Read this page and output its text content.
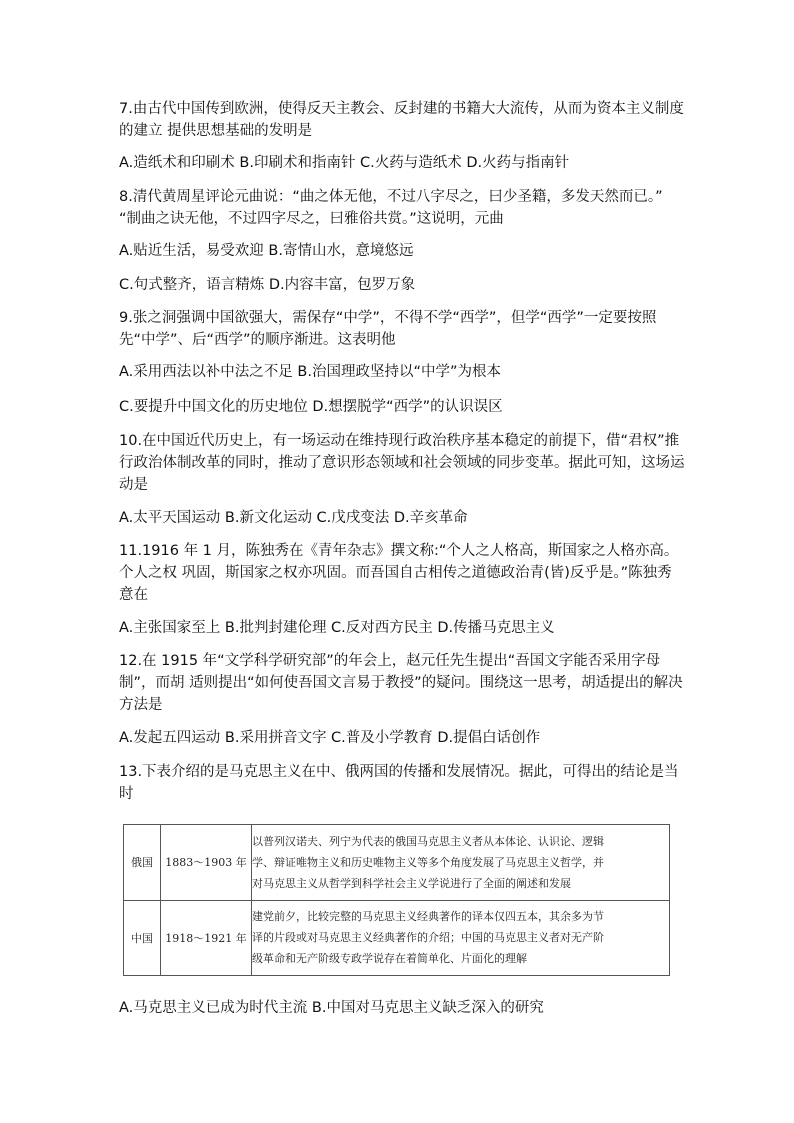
7.由古代中国传到欧洲，使得反天主教会、反封建的书籍大大流传，从而为资本主义制度的建立 提供思想基础的发明是

A.造纸术和印刷术 B.印刷术和指南针 C.火药与造纸术 D.火药与指南针

8.清代黄周星评论元曲说：“曲之体无他，不过八字尽之，曰少圣籍，多发天然而已。” “制曲之诀无他，不过四字尽之，曰雅俗共赏。”这说明，元曲

A.贴近生活，易受欢迎 B.寄情山水，意境悠远

C.句式整齐，语言精炼 D.内容丰富，包罗万象

9.张之洞强调中国欲强大，需保存“中学”，不得不学“西学”，但学“西学”一定要按照先“中学”、后“西学”的顺序渐进。这表明他

A.采用西法以补中法之不足 B.治国理政坚持以“中学”为根本

C.要提升中国文化的历史地位 D.想摆脱学“西学”的认识误区

10.在中国近代历史上，有一场运动在维持现行政治秩序基本稳定的前提下，借“君权”推行政治体制改革的同时，推动了意识形态领域和社会领域的同步变革。据此可知，这场运动是

A.太平天国运动 B.新文化运动 C.戊戌变法 D.辛亥革命

11.1916 年 1 月，陈独秀在《青年杂志》撰文称:“个人之人格高，斯国家之人格亦高。个人之权 巩固，斯国家之权亦巩固。而吾国自古相传之道德政治青(皆)反乎是。”陈独秀意在

A.主张国家至上 B.批判封建伦理 C.反对西方民主 D.传播马克思主义

12.在 1915 年“文学科学研究部”的年会上，赵元任先生提出“吾国文字能否采用字母制”，而胡 适则提出“如何使吾国文言易于教授”的疑问。围绕这一思考，胡适提出的解决方法是

A.发起五四运动 B.采用拼音文字 C.普及小学教育 D.提倡白话创作

13.下表介绍的是马克思主义在中、俄两国的传播和发展情况。据此，可得出的结论是当时

俄国	1883～1903 年	以普列汉诺夫、列宁为代表的俄国马克思主义者从本体论、认识论、逻辑
学、辩证唯物主义和历史唯物主义等多个角度发展了马克思主义哲学，并
对马克思主义从哲学到科学社会主义学说进行了全面的阐述和发展

中国	1918～1921 年	建党前夕，比较完整的马克思主义经典著作的译本仅四五本，其余多为节
译的片段或对马克思主义经典著作的介绍；中国的马克思主义者对无产阶
级革命和无产阶级专政学说存在着简单化、片面化的理解

A.马克思主义已成为时代主流 B.中国对马克思主义缺乏深入的研究
